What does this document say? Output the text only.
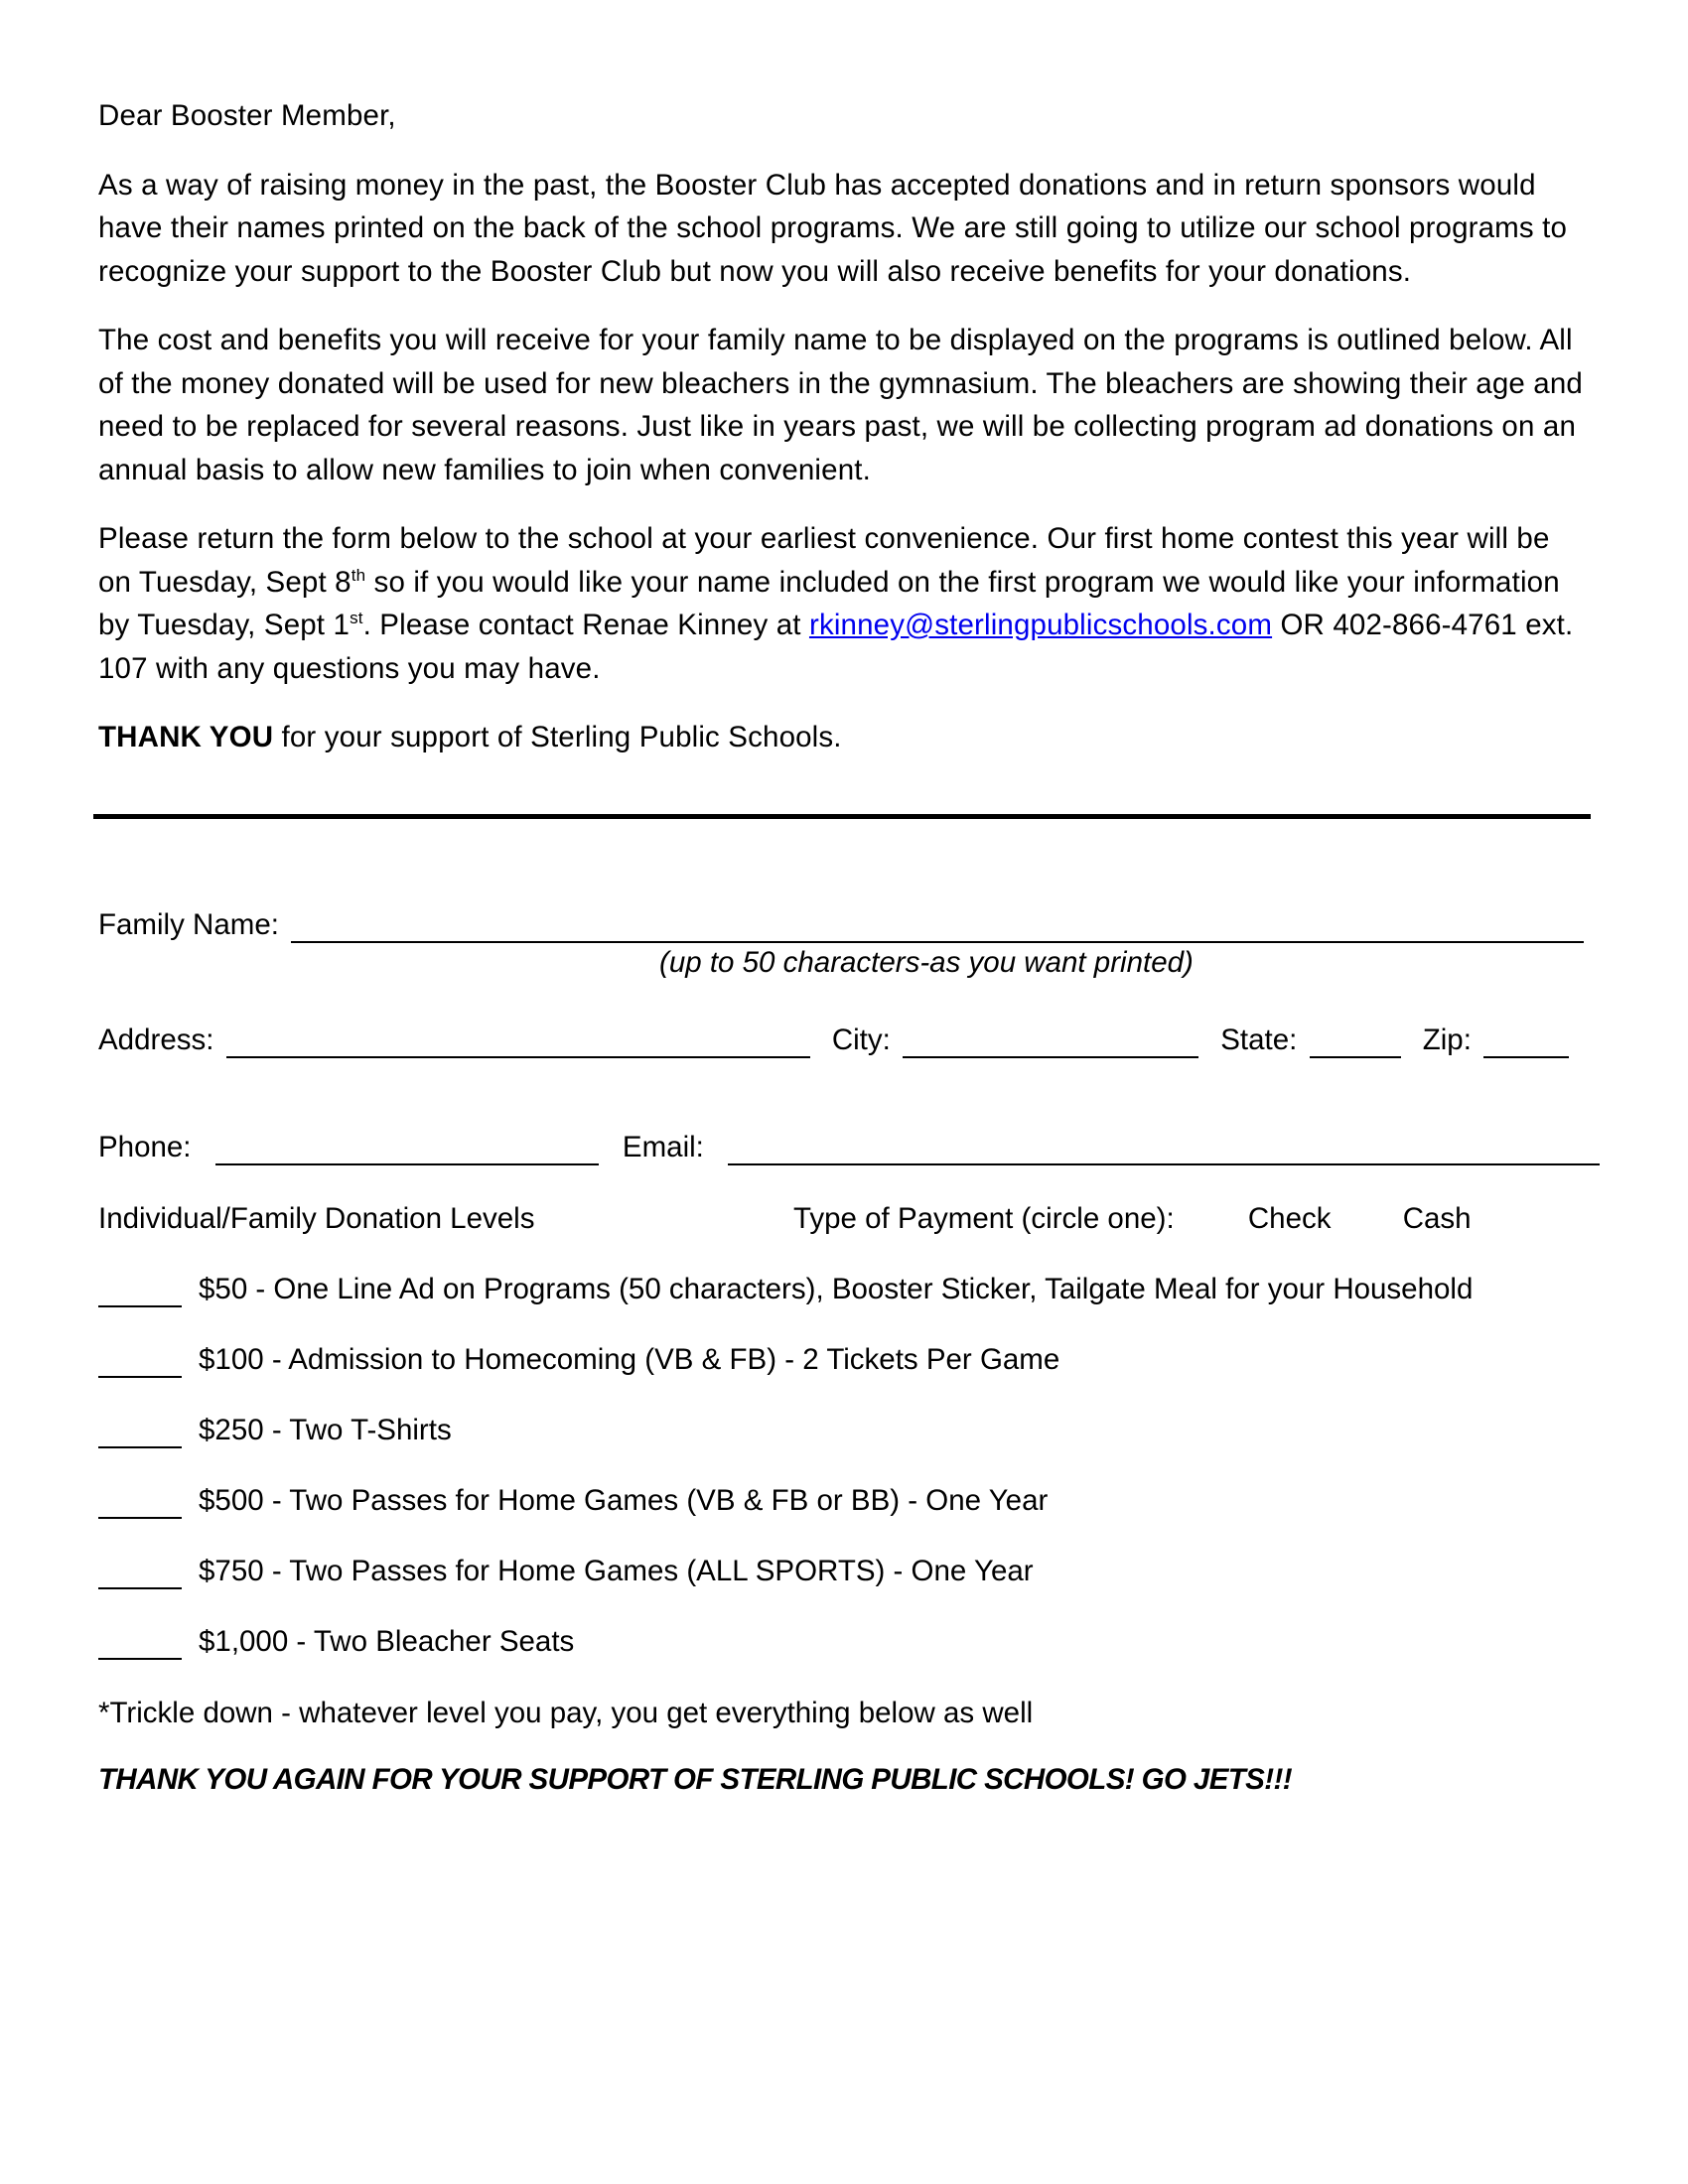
Dear Booster Member,

As a way of raising money in the past, the Booster Club has accepted donations and in return sponsors would have their names printed on the back of the school programs. We are still going to utilize our school programs to recognize your support to the Booster Club but now you will also receive benefits for your donations.

The cost and benefits you will receive for your family name to be displayed on the programs is outlined below. All of the money donated will be used for new bleachers in the gymnasium. The bleachers are showing their age and need to be replaced for several reasons. Just like in years past, we will be collecting program ad donations on an annual basis to allow new families to join when convenient.

Please return the form below to the school at your earliest convenience. Our first home contest this year will be on Tuesday, Sept 8th so if you would like your name included on the first program we would like your information by Tuesday, Sept 1st. Please contact Renae Kinney at rkinney@sterlingpublicschools.com OR 402-866-4761 ext. 107 with any questions you may have.

THANK YOU for your support of Sterling Public Schools.

Family Name:
(up to 50 characters-as you want printed)
Address:	City:	State:	Zip:
Phone:	Email:
Individual/Family Donation Levels	Type of Payment (circle one):	Check Cash
$50 - One Line Ad on Programs (50 characters), Booster Sticker, Tailgate Meal for your Household
$100 - Admission to Homecoming (VB & FB) - 2 Tickets Per Game
$250 - Two T-Shirts
$500 - Two Passes for Home Games (VB & FB or BB) - One Year
$750 - Two Passes for Home Games (ALL SPORTS) - One Year
$1,000 - Two Bleacher Seats
*Trickle down - whatever level you pay, you get everything below as well
THANK YOU AGAIN FOR YOUR SUPPORT OF STERLING PUBLIC SCHOOLS! GO JETS!!!
